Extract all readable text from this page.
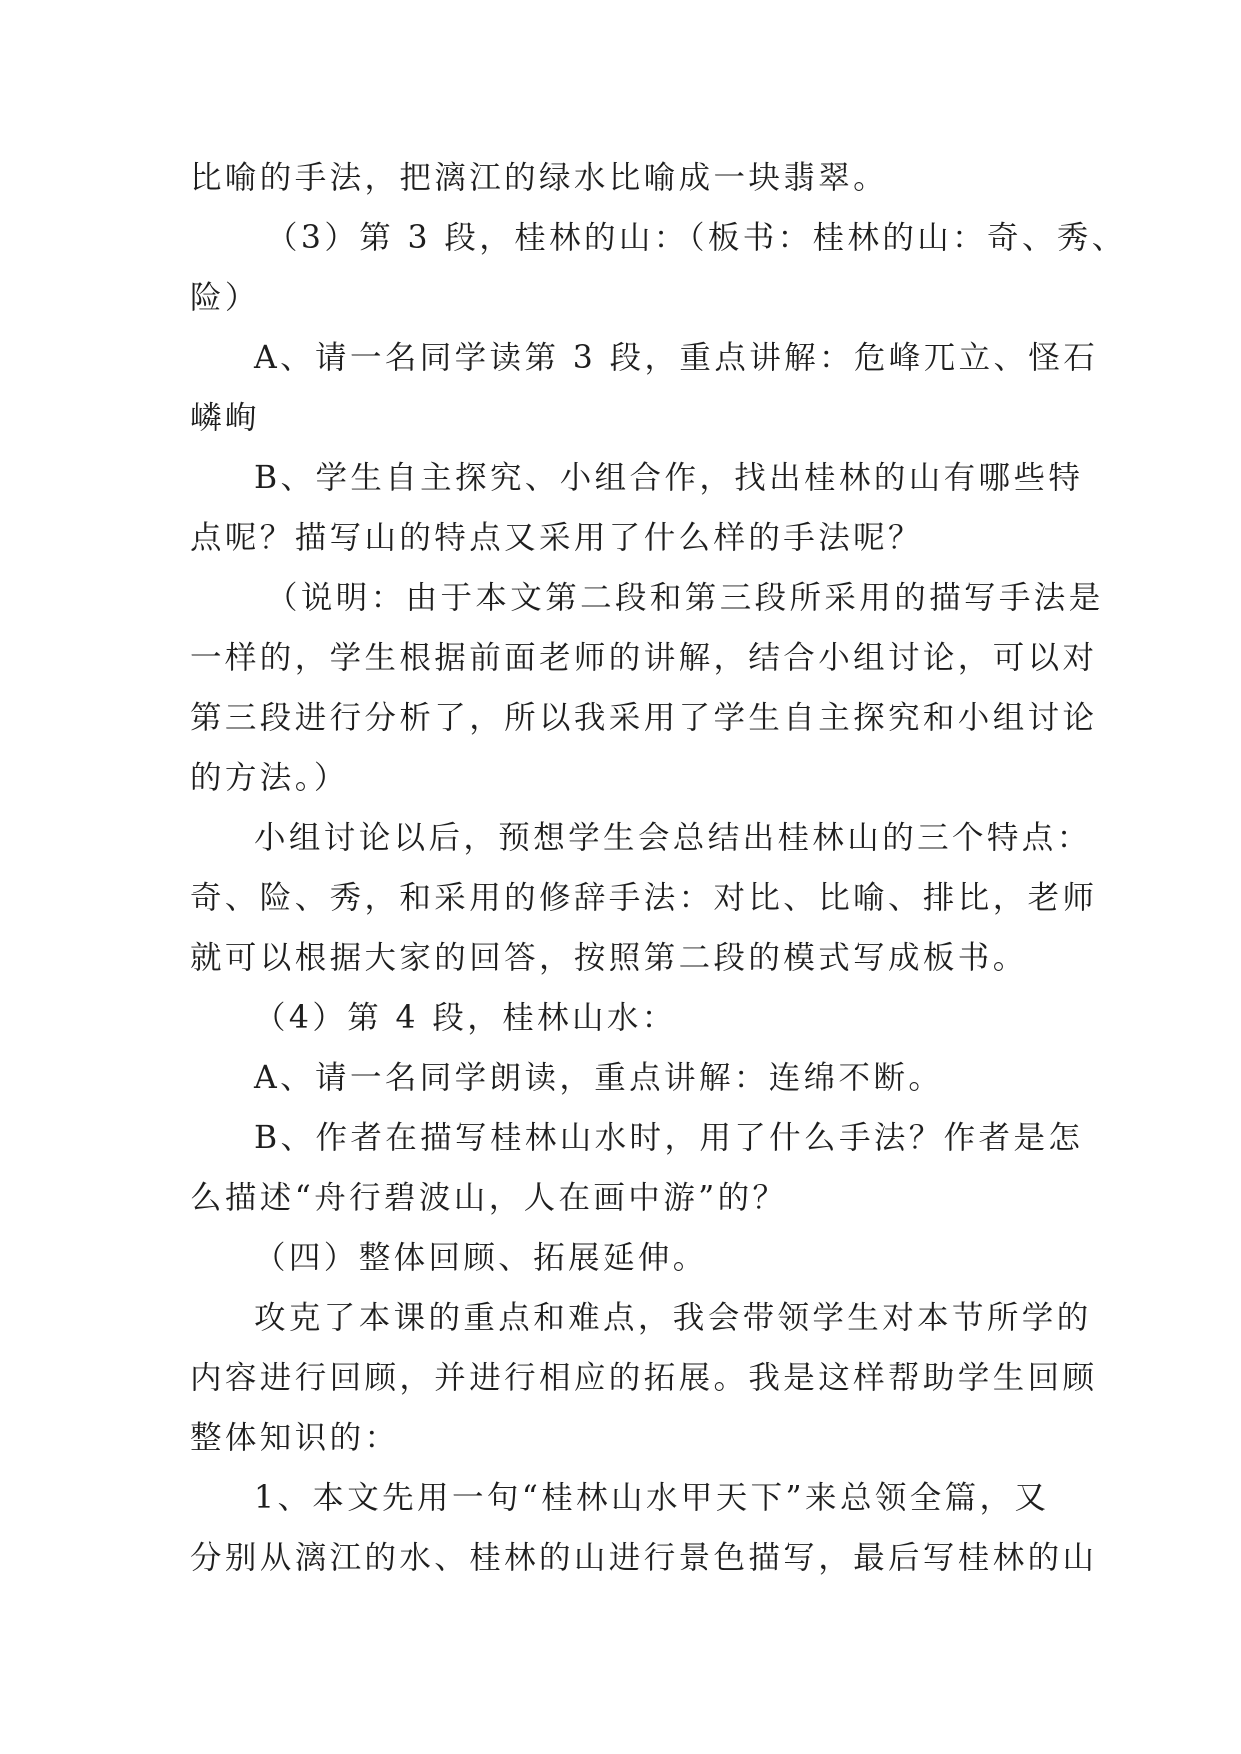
比喻的手法，把漓江的绿水比喻成一块翡翠。
（3）第 3 段，桂林的山：（板书：桂林的山：奇、秀、
险）
A、请一名同学读第 3 段，重点讲解：危峰兀立、怪石
嶙峋
B、学生自主探究、小组合作，找出桂林的山有哪些特
点呢？描写山的特点又采用了什么样的手法呢？
（说明：由于本文第二段和第三段所采用的描写手法是
一样的，学生根据前面老师的讲解，结合小组讨论，可以对
第三段进行分析了，所以我采用了学生自主探究和小组讨论
的方法。）
小组讨论以后，预想学生会总结出桂林山的三个特点：
奇、险、秀，和采用的修辞手法：对比、比喻、排比，老师
就可以根据大家的回答，按照第二段的模式写成板书。
（4）第 4 段，桂林山水：
A、请一名同学朗读，重点讲解：连绵不断。
B、作者在描写桂林山水时，用了什么手法？作者是怎
么描述“舟行碧波山，人在画中游”的？
（四）整体回顾、拓展延伸。
攻克了本课的重点和难点，我会带领学生对本节所学的
内容进行回顾，并进行相应的拓展。我是这样帮助学生回顾
整体知识的：
1、本文先用一句“桂林山水甲天下”来总领全篇，又
分别从漓江的水、桂林的山进行景色描写，最后写桂林的山
